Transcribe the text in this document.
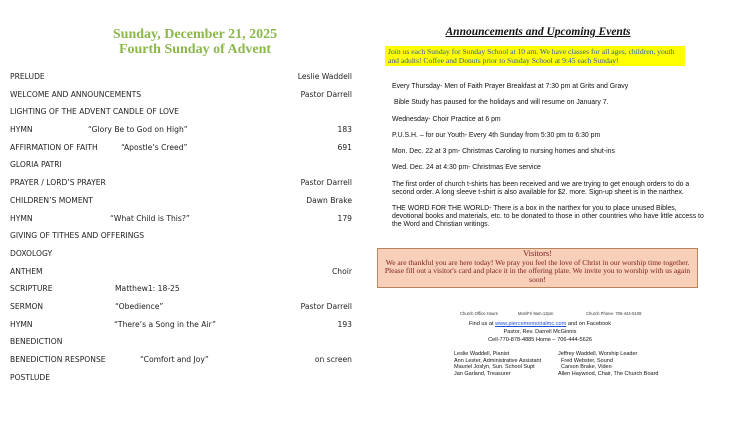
Sunday, December 21, 2025
Fourth Sunday of Advent
PRELUDE	Leslie Waddell
WELCOME AND ANNOUNCEMENTS	Pastor Darrell
LIGHTING OF THE ADVENT CANDLE OF LOVE
HYMN	“Glory Be to God on High”	183
AFFIRMATION OF FAITH	“Apostle’s Creed”	691
GLORIA PATRI
PRAYER / LORD’S PRAYER	Pastor Darrell
CHILDREN’S MOMENT	Dawn Brake
HYMN	“What Child is This?”	179
GIVING OF TITHES AND OFFERINGS
DOXOLOGY
ANTHEM	Choir
SCRIPTURE	Matthew1: 18-25
SERMON	“Obedience”	Pastor Darrell
HYMN	“There’s a Song in the Air”	193
BENEDICTION
BENEDICTION RESPONSE	“Comfort and Joy”	on screen
POSTLUDE
Announcements and Upcoming Events
Join us each Sunday for Sunday School at 10 am. We have classes for all ages, children, youth and adults! Coffee and Donuts prior to Sunday School at 9:45 each Sunday!

Every Thursday- Men of Faith Prayer Breakfast at 7:30 pm at Grits and Gravy

Bible Study has paused for the holidays and will resume on January 7.

Wednesday- Choir Practice at 6 pm

P.U.S.H. – for our Youth- Every 4th Sunday from 5:30 pm to 6:30 pm

Mon. Dec. 22 at 3 pm- Christmas Caroling to nursing homes and shut-ins

Wed. Dec. 24 at 4:30 pm- Christmas Eve service

The first order of church t-shirts has been received and we are trying to get enough orders to do a second order. A long sleeve t-shirt is also available for $2. more. Sign-up sheet is in the narthex.

THE WORD FOR THE WORLD- There is a box in the narthex for you to place unused Bibles, devotional books and materials, etc. to be donated to those in other countries who have little access to the Word and Christian writings.

Visitors!
We are thankful you are here today! We pray you feel the love of Christ in our worship time together. Please fill out a visitor's card and place it in the offering plate. We invite you to worship with us again soon!
Church Office Hours	Mon/Fri 9am-12pm	Church Phone- 706-444-5108
Find us at www.piercememorialmc.com and on Facebook
Pastor, Rev. Darrell McGinnis
Cell-770-878-4885 Home – 706-444-5626
Leslie Waddell, Pianist
Ann Lester, Administrative Assistant
Mauriel Joslyn, Sun. School Supt
Jan Garland, Treasurer
Jeffrey Waddell, Worship Leader
Fred Webster, Sound
Carson Brake, Video
Allen Haywood, Chair, The Church Board
